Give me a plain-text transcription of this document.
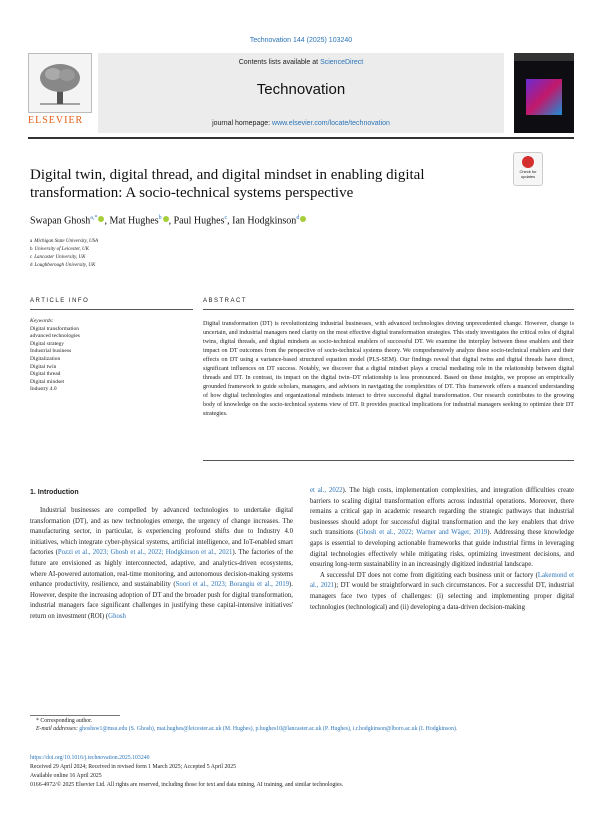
Technovation 144 (2025) 103240
ELSEVIER
Contents lists available at ScienceDirect
Technovation
journal homepage: www.elsevier.com/locate/technovation
Check for updates
Digital twin, digital thread, and digital mindset in enabling digital transformation: A socio-technical systems perspective
Swapan Ghosh$^{a,*}$ , Mat Hughes$^b$ , Paul Hughes$^c$, Ian Hodgkinson$^d$
a Michigan State University, USA
b University of Leicester, UK
c Lancaster University, UK
d Loughborough University, UK
ARTICLE INFO	ABSTRACT
Keywords:
Digital transformation
advanced technologies
Digital strategy
Industrial business
Digitalization
Digital twin
Digital thread
Digital mindset
Industry 4.0
Digital transformation (DT) is revolutionizing industrial businesses, with advanced technologies driving unprecedented change. However, change is uncertain, and industrial managers need clarity on the most effective digital transformation strategies. This study investigates the critical roles of digital twins, digital threads, and digital mindsets as socio-technical enablers of successful DT. We examine the interplay between these enablers and their impact on DT outcomes from the perspective of socio-technical systems theory. We comprehensively analyze these socio-technical enablers and their effects on DT using a variance-based structured equation model (PLS-SEM). Our findings reveal that digital twins and digital threads have direct, significant influences on DT success. Notably, we discover that a digital mindset plays a crucial mediating role in the relationship between digital threads and DT. In contrast, its impact on the digital twin–DT relationship is less pronounced. Based on these insights, we propose an empirically grounded framework to guide scholars, managers, and advisors in navigating the complexities of DT. This framework offers a nuanced understanding of how digital technologies and organizational mindsets interact to drive successful digital transformation. Our research contributes to the growing body of knowledge on the socio-technical systems view of DT. It provides practical implications for industrial managers seeking to optimize their DT strategies.
1. Introduction

Industrial businesses are compelled by advanced technologies to undertake digital transformation (DT), and as new technologies emerge, the urgency of change increases. The manufacturing sector, in particular, is experiencing profound shifts due to Industry 4.0 initiatives, which integrate cyber-physical systems, artificial intelligence, and IoT-enabled smart factories (Pozzi et al., 2023; Ghosh et al., 2022; Hodgkinson et al., 2021). The factories of the future are envisioned as highly interconnected, adaptive, and analytics-driven ecosystems, where AI-powered automation, real-time monitoring, and autonomous decision-making systems enhance productivity, resilience, and sustainability (Soori et al., 2023; Borangiu et al., 2019). However, despite the increasing adoption of DT and the broader push for digital transformation, industrial managers face significant challenges in justifying these capital-intensive initiatives' return on investment (ROI) (Ghosh

et al., 2022). The high costs, implementation complexities, and integration difficulties create barriers to scaling digital transformation efforts across industrial operations. Moreover, there remains a critical gap in academic research regarding the strategic pathways that industrial businesses should adopt for successful digital transformation and the key enablers that drive such transitions (Ghosh et al., 2022; Warner and Wäger, 2019). Addressing these knowledge gaps is essential to developing actionable frameworks that guide industrial firms in leveraging digital technologies effectively while mitigating risks, optimizing investment decisions, and ensuring long-term sustainability in an increasingly digitized industrial landscape.

A successful DT does not come from digitizing each business unit or factory (Lakemond et al., 2021); DT would be straightforward in such circumstances. For a successful DT, industrial managers face two types of challenges: (i) selecting and implementing proper digital technologies (technological) and (ii) developing a data-driven decision-making

* Corresponding author.
E-mail addresses: ghoshsw1@msu.edu (S. Ghosh), mat.hughes@leicester.ac.uk (M. Hughes), p.hughes10@lancaster.ac.uk (P. Hughes), i.r.hodgkinson@lboro.ac.uk (I. Hodgkinson).
https://doi.org/10.1016/j.technovation.2025.103240
Received 29 April 2024; Received in revised form 1 March 2025; Accepted 5 April 2025
Available online 16 April 2025
0166-4972/© 2025 Elsevier Ltd. All rights are reserved, including those for text and data mining, AI training, and similar technologies.
